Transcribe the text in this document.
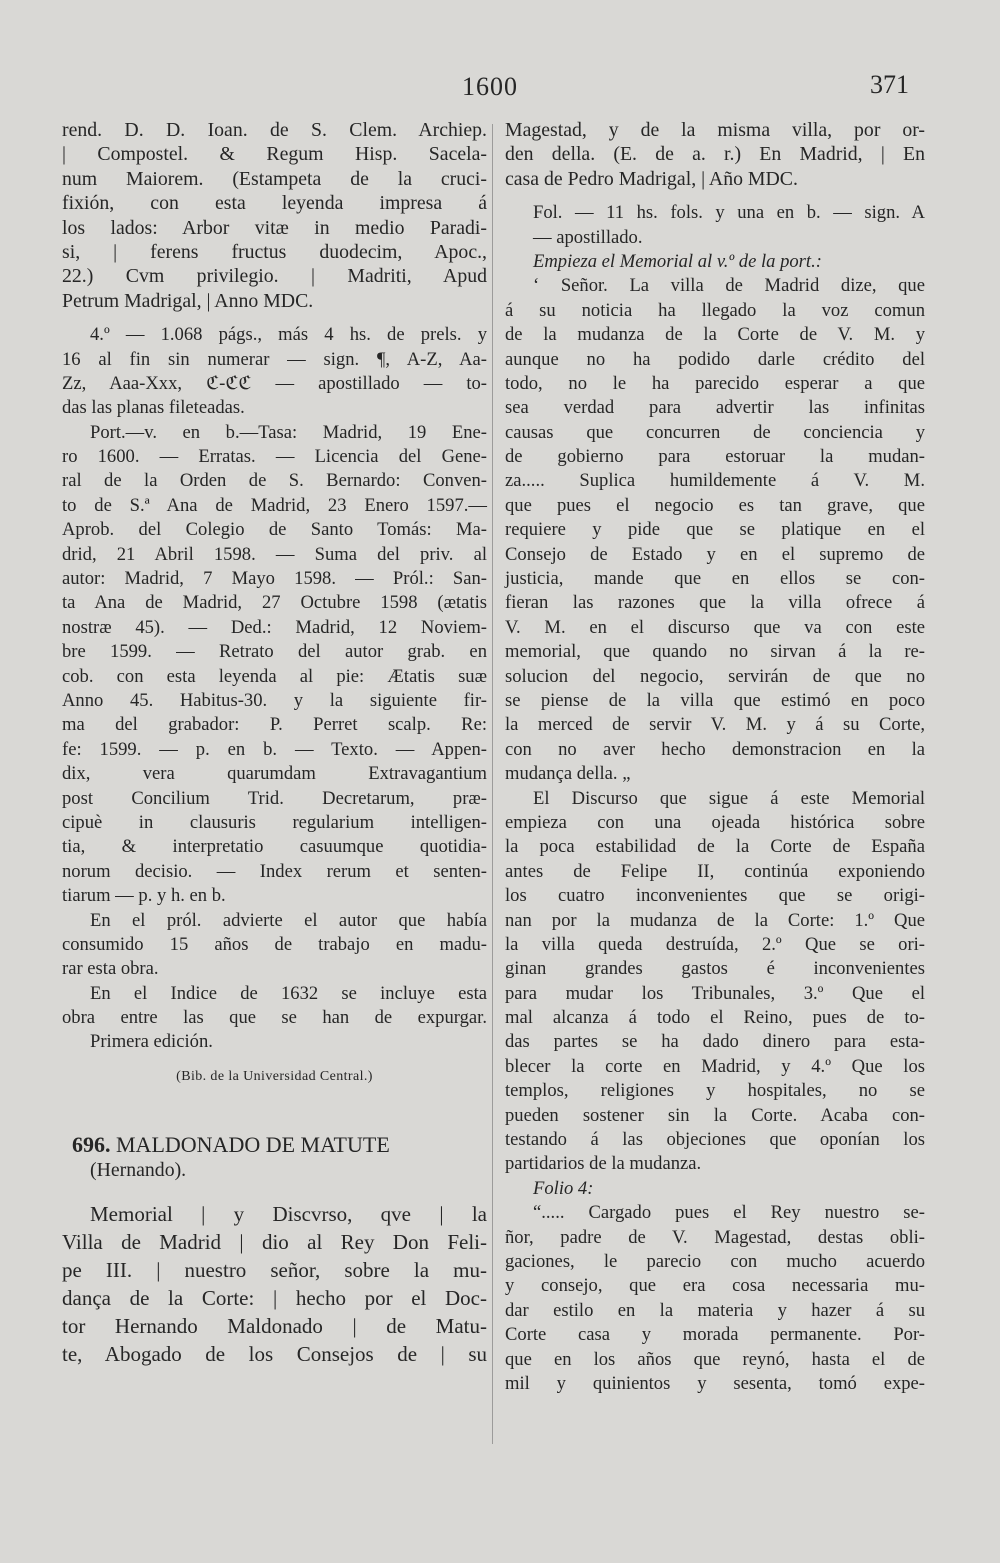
1600	371
rend. D. D. Ioan. de S. Clem. Archiep.
| Compostel. & Regum Hisp. Sacela-
num Maiorem. (Estampeta de la cruci-
fixión, con esta leyenda impresa á
los lados: Arbor vitæ in medio Paradi-
si, | ferens fructus duodecim, Apoc.,
22.) Cvm privilegio. | Madriti, Apud
Petrum Madrigal, | Anno MDC.
4.º — 1.068 págs., más 4 hs. de prels. y
16 al fin sin numerar — sign. ¶, A-Z, Aa-
Zz, Aaa-Xxx, ℭ-ℭℭ — apostillado — to-
das las planas fileteadas.
Port.—v. en b.—Tasa: Madrid, 19 Ene-
ro 1600. — Erratas. — Licencia del Gene-
ral de la Orden de S. Bernardo: Conven-
to de S.ª Ana de Madrid, 23 Enero 1597.—
Aprob. del Colegio de Santo Tomás: Ma-
drid, 21 Abril 1598. — Suma del priv. al
autor: Madrid, 7 Mayo 1598. — Pról.: San-
ta Ana de Madrid, 27 Octubre 1598 (ætatis
nostræ 45). — Ded.: Madrid, 12 Noviem-
bre 1599. — Retrato del autor grab. en
cob. con esta leyenda al pie: Ætatis suæ
Anno 45. Habitus-30. y la siguiente fir-
ma del grabador: P. Perret scalp. Re:
fe: 1599. — p. en b. — Texto. — Appen-
dix, vera quarumdam Extravagantium
post Concilium Trid. Decretarum, præ-
cipuè in clausuris regularium intelligen-
tia, & interpretatio casuumque quotidia-
norum decisio. — Index rerum et senten-
tiarum — p. y h. en b.
En el pról. advierte el autor que había
consumido 15 años de trabajo en madu-
rar esta obra.
En el Indice de 1632 se incluye esta
obra entre las que se han de expurgar.
Primera edición.
(Bib. de la Universidad Central.)
696. MALDONADO DE MATUTE
(Hernando).
Memorial | y Discvrso, qve | la
Villa de Madrid | dio al Rey Don Feli-
pe III. | nuestro señor, sobre la mu-
dança de la Corte: | hecho por el Doc-
tor Hernando Maldonado | de Matu-
te, Abogado de los Consejos de | su
Magestad, y de la misma villa, por or-
den della. (E. de a. r.) En Madrid, | En
casa de Pedro Madrigal, | Año MDC.
Fol. — 11 hs. fols. y una en b. — sign. A
— apostillado.
Empieza el Memorial al v.º de la port.:
‘ Señor. La villa de Madrid dize, que
á su noticia ha llegado la voz comun
de la mudanza de la Corte de V. M. y
aunque no ha podido darle crédito del
todo, no le ha parecido esperar a que
sea verdad para advertir las infinitas
causas que concurren de conciencia y
de gobierno para estoruar la mudan-
za..... Suplica humildemente á V. M.
que pues el negocio es tan grave, que
requiere y pide que se platique en el
Consejo de Estado y en el supremo de
justicia, mande que en ellos se con-
fieran las razones que la villa ofrece á
V. M. en el discurso que va con este
memorial, que quando no sirvan á la re-
solucion del negocio, servirán de que no
se piense de la villa que estimó en poco
la merced de servir V. M. y á su Corte,
con no aver hecho demonstracion en la
mudança della. „
El Discurso que sigue á este Memorial
empieza con una ojeada histórica sobre
la poca estabilidad de la Corte de España
antes de Felipe II, continúa exponiendo
los cuatro inconvenientes que se origi-
nan por la mudanza de la Corte: 1.º Que
la villa queda destruída, 2.º Que se ori-
ginan grandes gastos é inconvenientes
para mudar los Tribunales, 3.º Que el
mal alcanza á todo el Reino, pues de to-
das partes se ha dado dinero para esta-
blecer la corte en Madrid, y 4.º Que los
templos, religiones y hospitales, no se
pueden sostener sin la Corte. Acaba con-
testando á las objeciones que oponían los
partidarios de la mudanza.
Folio 4:
“..... Cargado pues el Rey nuestro se-
ñor, padre de V. Magestad, destas obli-
gaciones, le parecio con mucho acuerdo
y consejo, que era cosa necessaria mu-
dar estilo en la materia y hazer á su
Corte casa y morada permanente. Por-
que en los años que reynó, hasta el de
mil y quinientos y sesenta, tomó expe-
